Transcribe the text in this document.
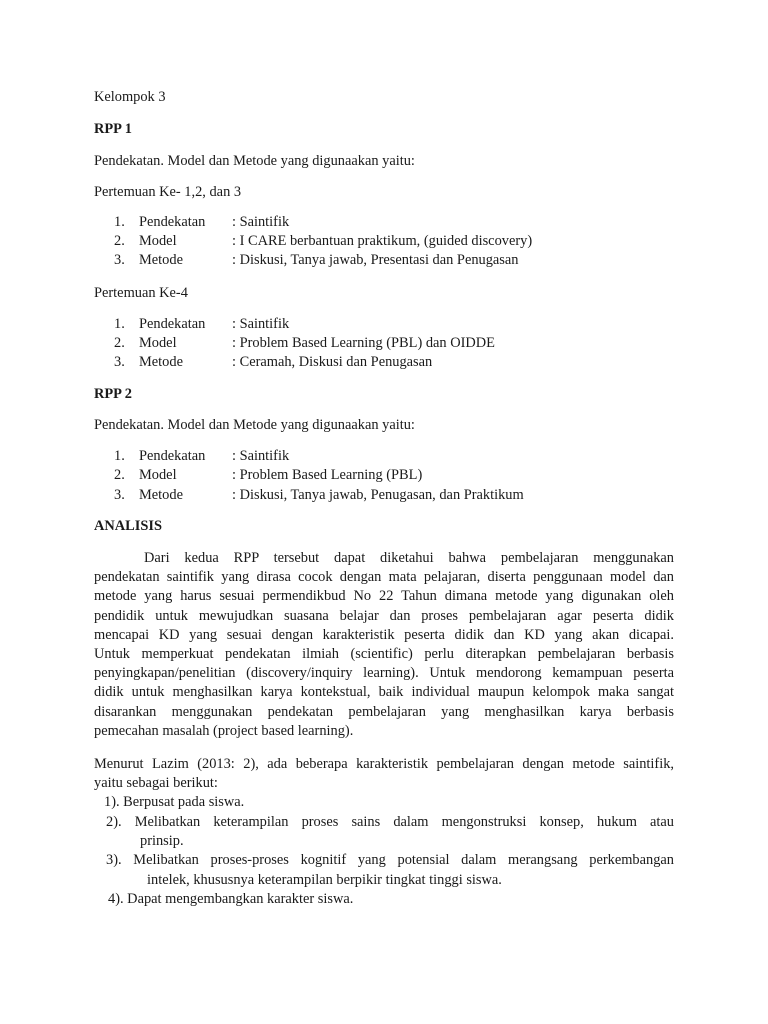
Kelompok 3
RPP 1
Pendekatan. Model dan Metode yang digunaakan yaitu:
Pertemuan Ke- 1,2, dan 3
1. Pendekatan : Saintifik
2. Model	: I CARE berbantuan praktikum, (guided discovery)
3. Metode	: Diskusi, Tanya jawab, Presentasi dan Penugasan
Pertemuan Ke-4
1. Pendekatan : Saintifik
2. Model	: Problem Based Learning (PBL) dan OIDDE
3. Metode	: Ceramah, Diskusi dan Penugasan
RPP 2
Pendekatan. Model dan Metode yang digunaakan yaitu:
1. Pendekatan : Saintifik
2. Model	: Problem Based Learning (PBL)
3. Metode	: Diskusi, Tanya jawab, Penugasan, dan Praktikum
ANALISIS
Dari kedua RPP tersebut dapat diketahui bahwa pembelajaran menggunakan
pendekatan saintifik yang dirasa cocok dengan mata pelajaran, diserta penggunaan model dan
metode yang harus sesuai permendikbud No 22 Tahun dimana metode yang digunakan oleh
pendidik untuk mewujudkan suasana belajar dan proses pembelajaran agar peserta didik
mencapai KD yang sesuai dengan karakteristik peserta didik dan KD yang akan dicapai.
Untuk memperkuat pendekatan ilmiah (scientific) perlu diterapkan pembelajaran berbasis
penyingkapan/penelitian (discovery/inquiry learning). Untuk mendorong kemampuan peserta
didik untuk menghasilkan karya kontekstual, baik individual maupun kelompok maka sangat
disarankan menggunakan pendekatan pembelajaran yang menghasilkan karya berbasis
pemecahan masalah (project based learning).
Menurut Lazim (2013: 2), ada beberapa karakteristik pembelajaran dengan metode saintifik,
yaitu sebagai berikut:
1). Berpusat pada siswa.
2). Melibatkan keterampilan proses sains dalam mengonstruksi konsep, hukum atau
prinsip.
3). Melibatkan proses-proses kognitif yang potensial dalam merangsang perkembangan
intelek, khususnya keterampilan berpikir tingkat tinggi siswa.
4). Dapat mengembangkan karakter siswa.
